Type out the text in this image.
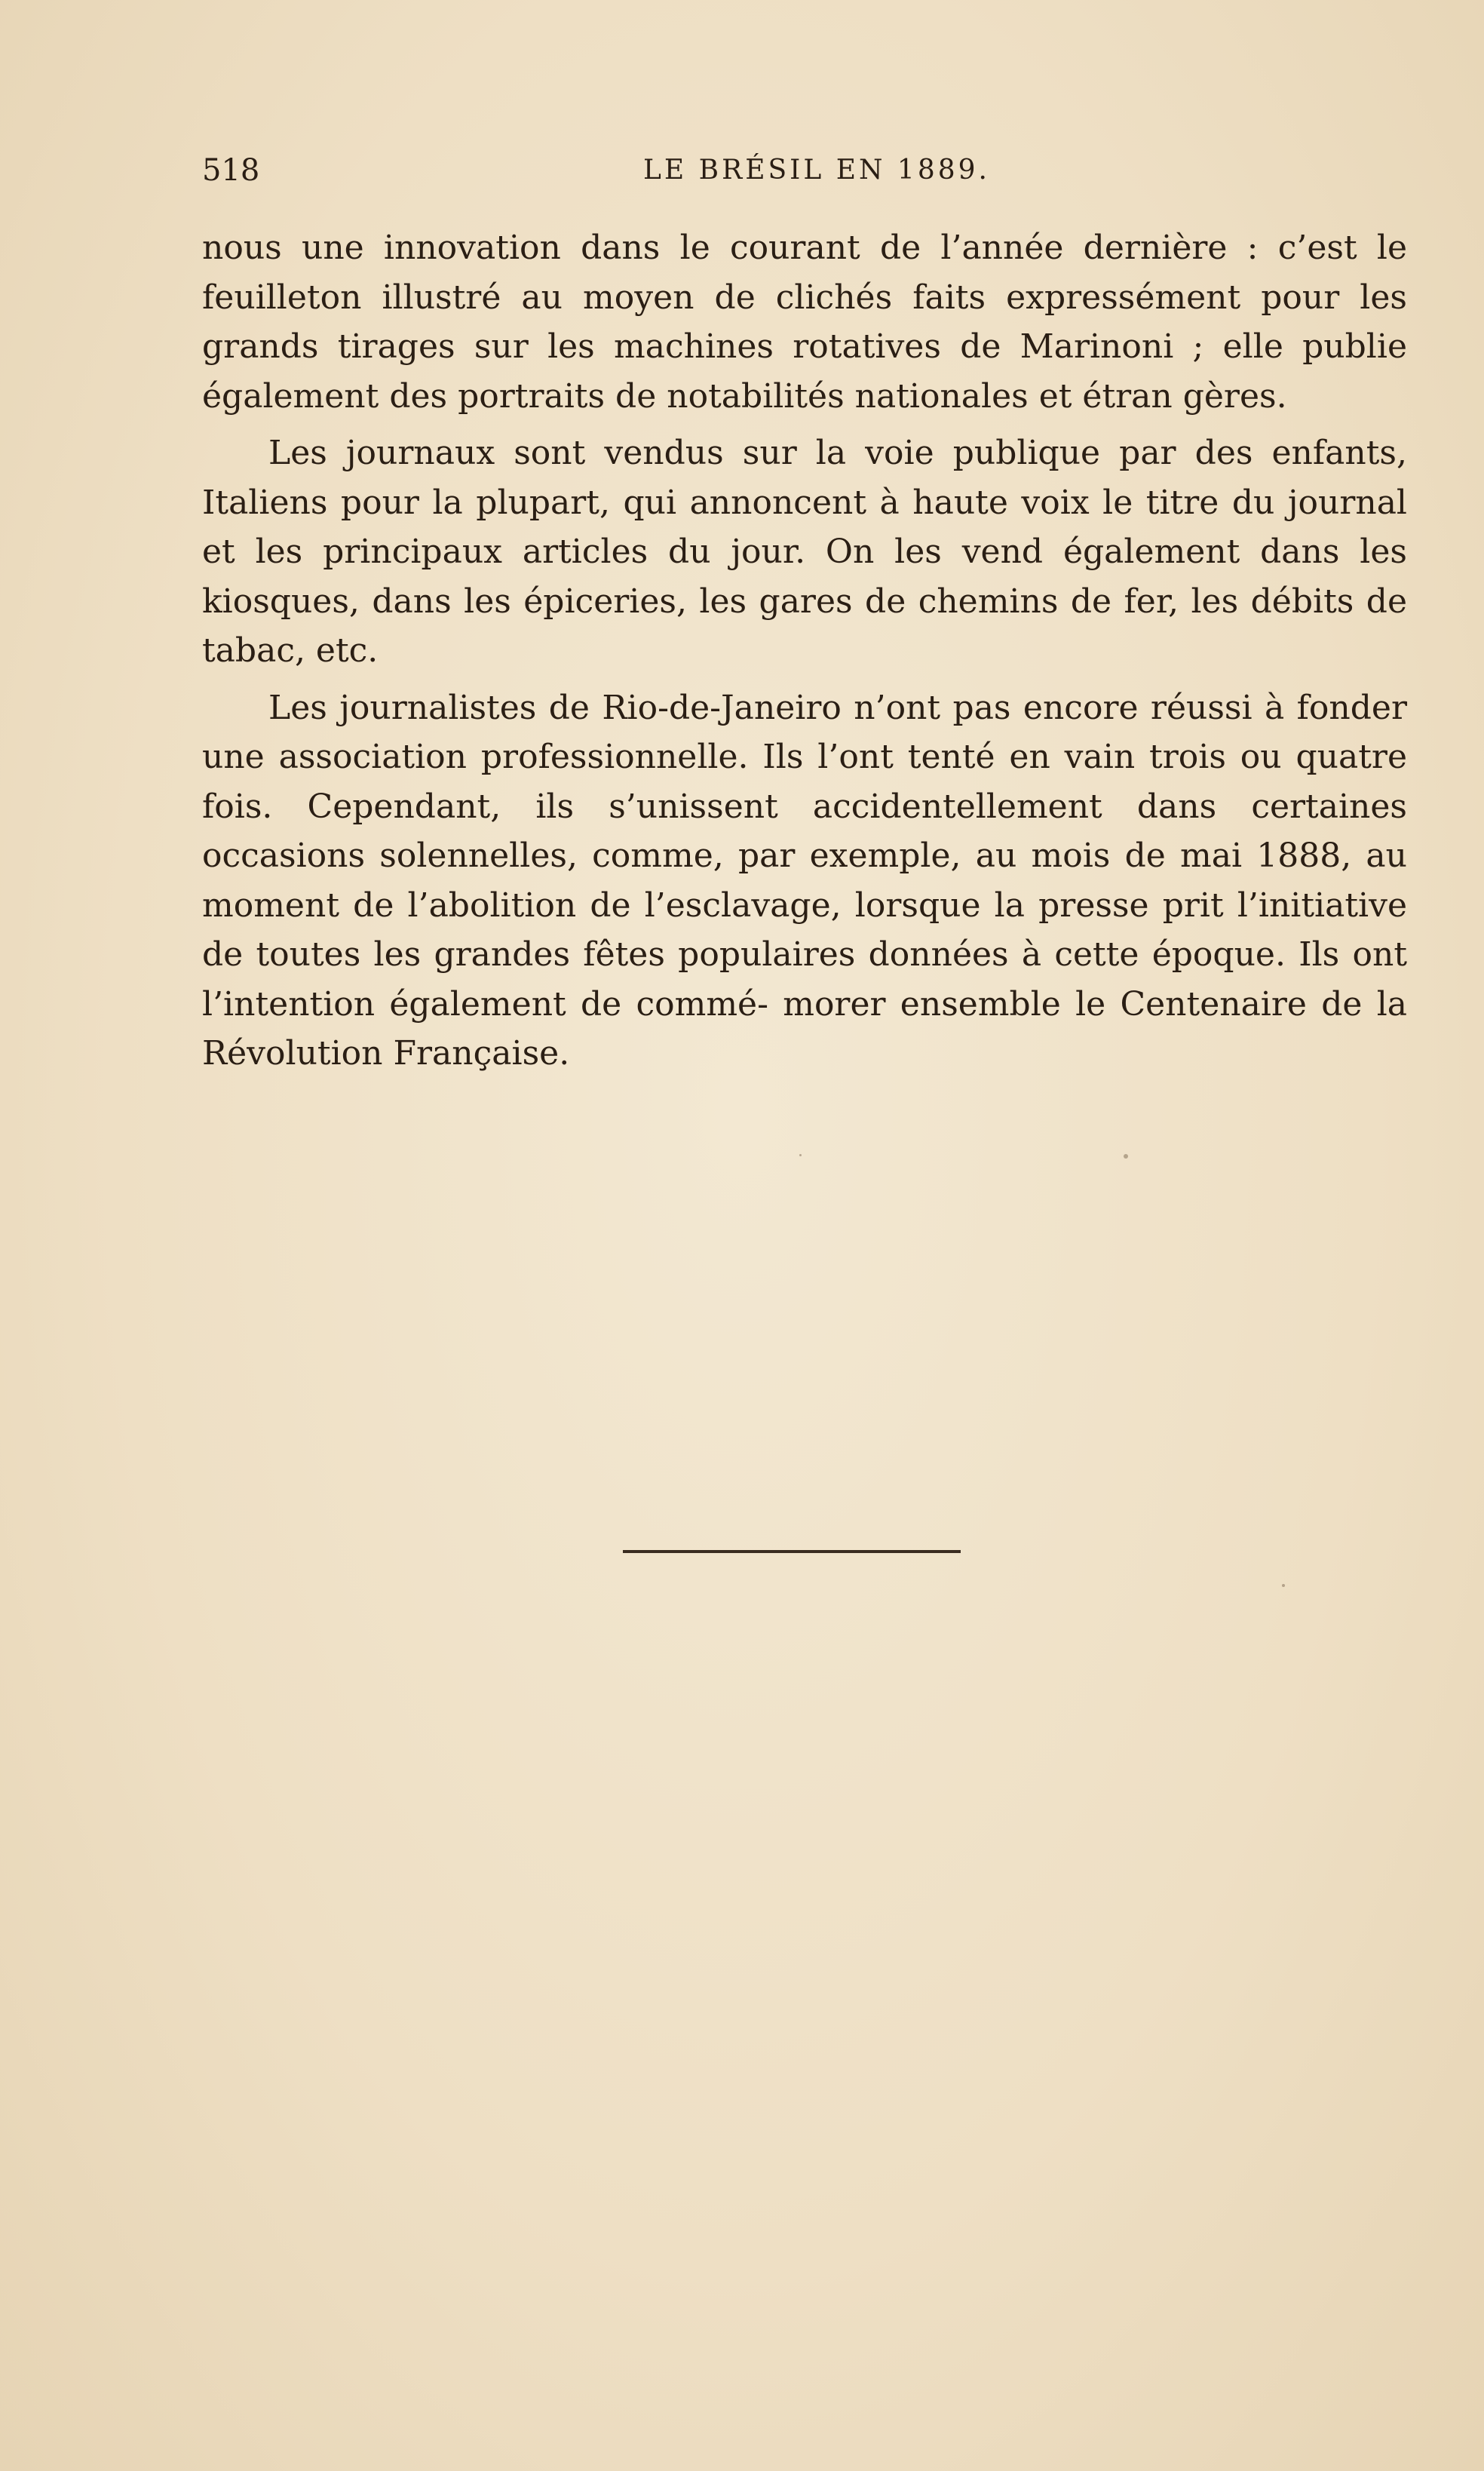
518	LE BRÉSIL EN 1889.

nous une innovation dans le courant de l’année dernière : c’est le feuilleton illustré au moyen de clichés faits expressément pour les grands tirages sur les machines rotatives de Marinoni ; elle publie également des portraits de notabilités nationales et étran gères.

Les journaux sont vendus sur la voie publique par des enfants, Italiens pour la plupart, qui annoncent à haute voix le titre du journal et les principaux articles du jour. On les vend également dans les kiosques, dans les épiceries, les gares de chemins de fer, les débits de tabac, etc.

Les journalistes de Rio-de-Janeiro n’ont pas encore réussi à fonder une association professionnelle. Ils l’ont tenté en vain trois ou quatre fois. Cependant, ils s’unissent accidentellement dans certaines occasions solennelles, comme, par exemple, au mois de mai 1888, au moment de l’abolition de l’esclavage, lorsque la presse prit l’initiative de toutes les grandes fêtes populaires données à cette époque. Ils ont l’intention également de commé- morer ensemble le Centenaire de la Révolution Française.
